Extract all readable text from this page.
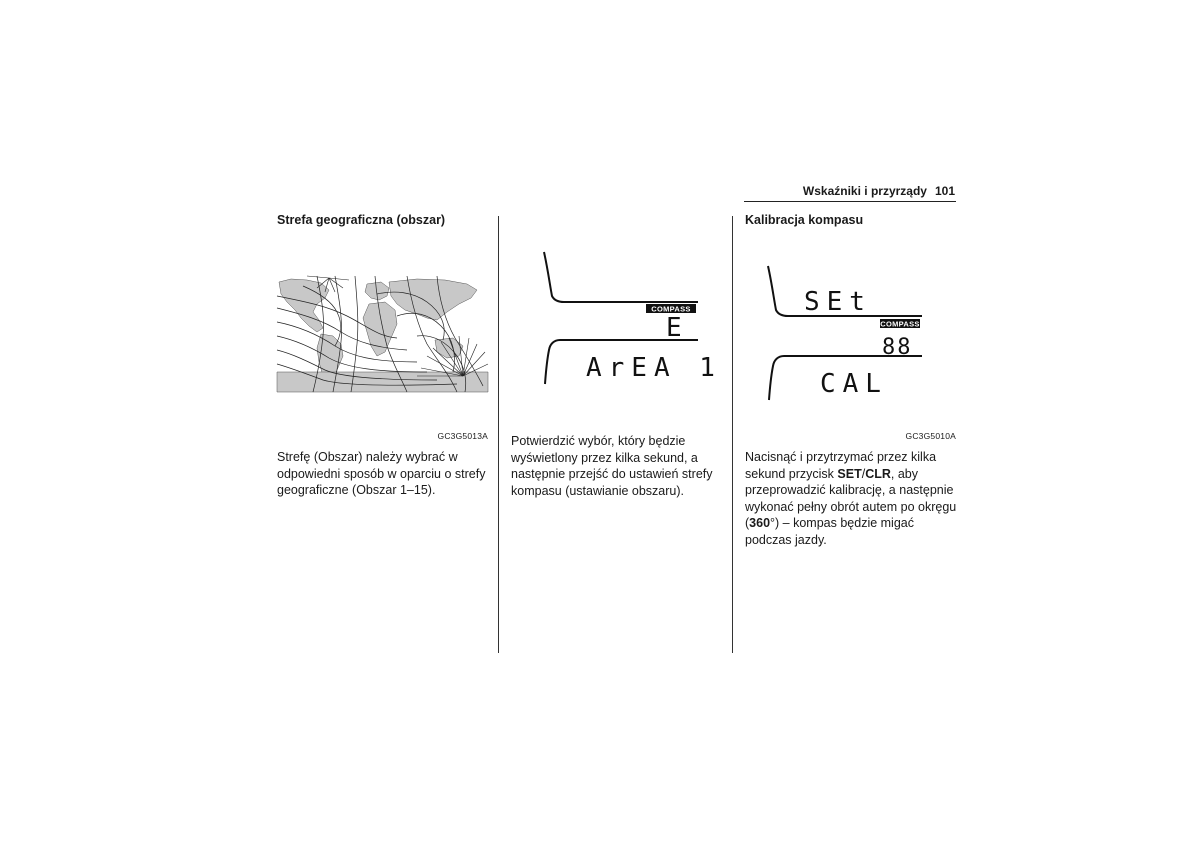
Wskaźniki i przyrządy 101
Strefa geograficzna (obszar)
GC3G5013A

Strefę (Obszar) należy wybrać w odpowiedni sposób w oparciu o strefy geograficzne (Obszar 1–15).

COMPASS
E
ArEA 1

Potwierdzić wybór, który będzie wyświetlony przez kilka sekund, a następnie przejść do ustawień strefy kompasu (ustawianie obszaru).

Kalibracja kompasu
SEt
COMPASS
88
CAL
GC3G5010A

Nacisnąć i przytrzymać przez kilka sekund przycisk SET/CLR, aby przeprowadzić kalibrację, a następnie wykonać pełny obrót autem po okręgu (360°) – kompas będzie migać podczas jazdy.
